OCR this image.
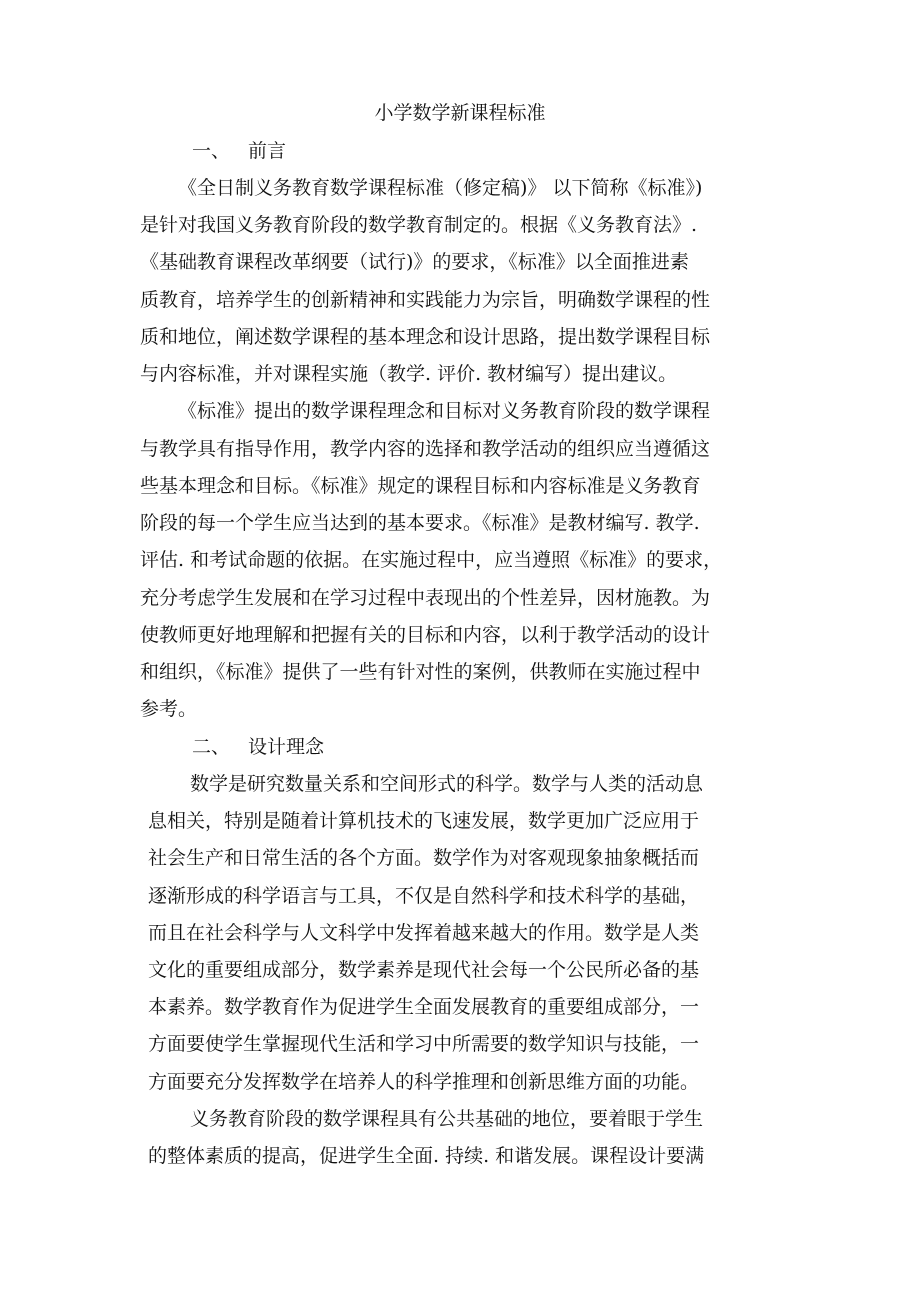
小学数学新课程标准
一、 前言
《全日制义务教育数学课程标准（修定稿)》 以下简称《标准》)
是针对我国义务教育阶段的数学教育制定的。根据《义务教育法》.
《基础教育课程改革纲要（试行)》的要求，《标准》以全面推进素
质教育，培养学生的创新精神和实践能力为宗旨，明确数学课程的性
质和地位，阐述数学课程的基本理念和设计思路，提出数学课程目标
与内容标准，并对课程实施（教学. 评价. 教材编写）提出建议。
《标准》提出的数学课程理念和目标对义务教育阶段的数学课程
与教学具有指导作用，教学内容的选择和教学活动的组织应当遵循这
些基本理念和目标。《标准》规定的课程目标和内容标准是义务教育
阶段的每一个学生应当达到的基本要求。《标准》是教材编写. 教学.
评估. 和考试命题的依据。在实施过程中，应当遵照《标准》的要求，
充分考虑学生发展和在学习过程中表现出的个性差异，因材施教。为
使教师更好地理解和把握有关的目标和内容，以利于教学活动的设计
和组织，《标准》提供了一些有针对性的案例，供教师在实施过程中
参考。
二、 设计理念
数学是研究数量关系和空间形式的科学。数学与人类的活动息
息相关，特别是随着计算机技术的飞速发展，数学更加广泛应用于
社会生产和日常生活的各个方面。数学作为对客观现象抽象概括而
逐渐形成的科学语言与工具，不仅是自然科学和技术科学的基础，
而且在社会科学与人文科学中发挥着越来越大的作用。数学是人类
文化的重要组成部分，数学素养是现代社会每一个公民所必备的基
本素养。数学教育作为促进学生全面发展教育的重要组成部分，一
方面要使学生掌握现代生活和学习中所需要的数学知识与技能，一
方面要充分发挥数学在培养人的科学推理和创新思维方面的功能。
义务教育阶段的数学课程具有公共基础的地位，要着眼于学生
的整体素质的提高，促进学生全面. 持续. 和谐发展。课程设计要满
